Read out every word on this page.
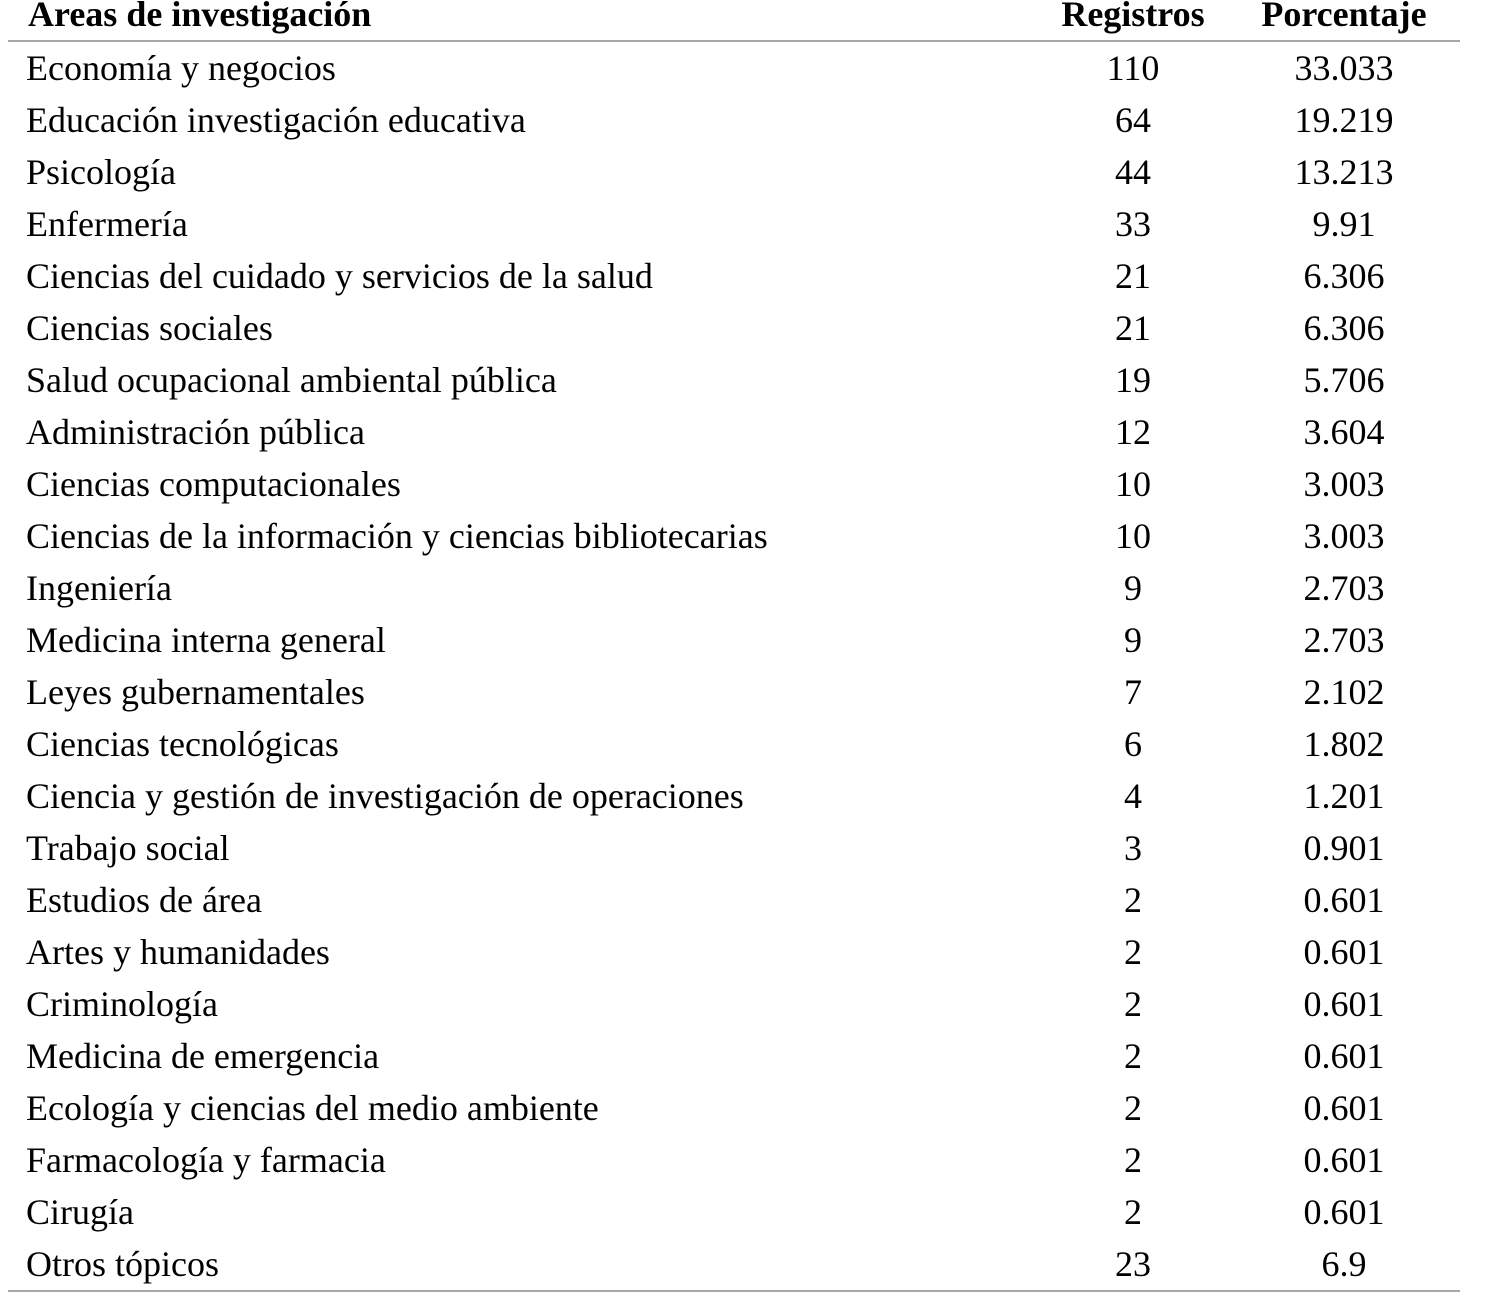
Areas de investigación	Registros	Porcentaje
Economía y negocios	110	33.033
Educación investigación educativa	64	19.219
Psicología	44	13.213
Enfermería	33	9.91
Ciencias del cuidado y servicios de la salud	21	6.306
Ciencias sociales	21	6.306
Salud ocupacional ambiental pública	19	5.706
Administración pública	12	3.604
Ciencias computacionales	10	3.003
Ciencias de la información y ciencias bibliotecarias	10	3.003
Ingeniería	9	2.703
Medicina interna general	9	2.703
Leyes gubernamentales	7	2.102
Ciencias tecnológicas	6	1.802
Ciencia y gestión de investigación de operaciones	4	1.201
Trabajo social	3	0.901
Estudios de área	2	0.601
Artes y humanidades	2	0.601
Criminología	2	0.601
Medicina de emergencia	2	0.601
Ecología y ciencias del medio ambiente	2	0.601
Farmacología y farmacia	2	0.601
Cirugía	2	0.601
Otros tópicos	23	6.9
